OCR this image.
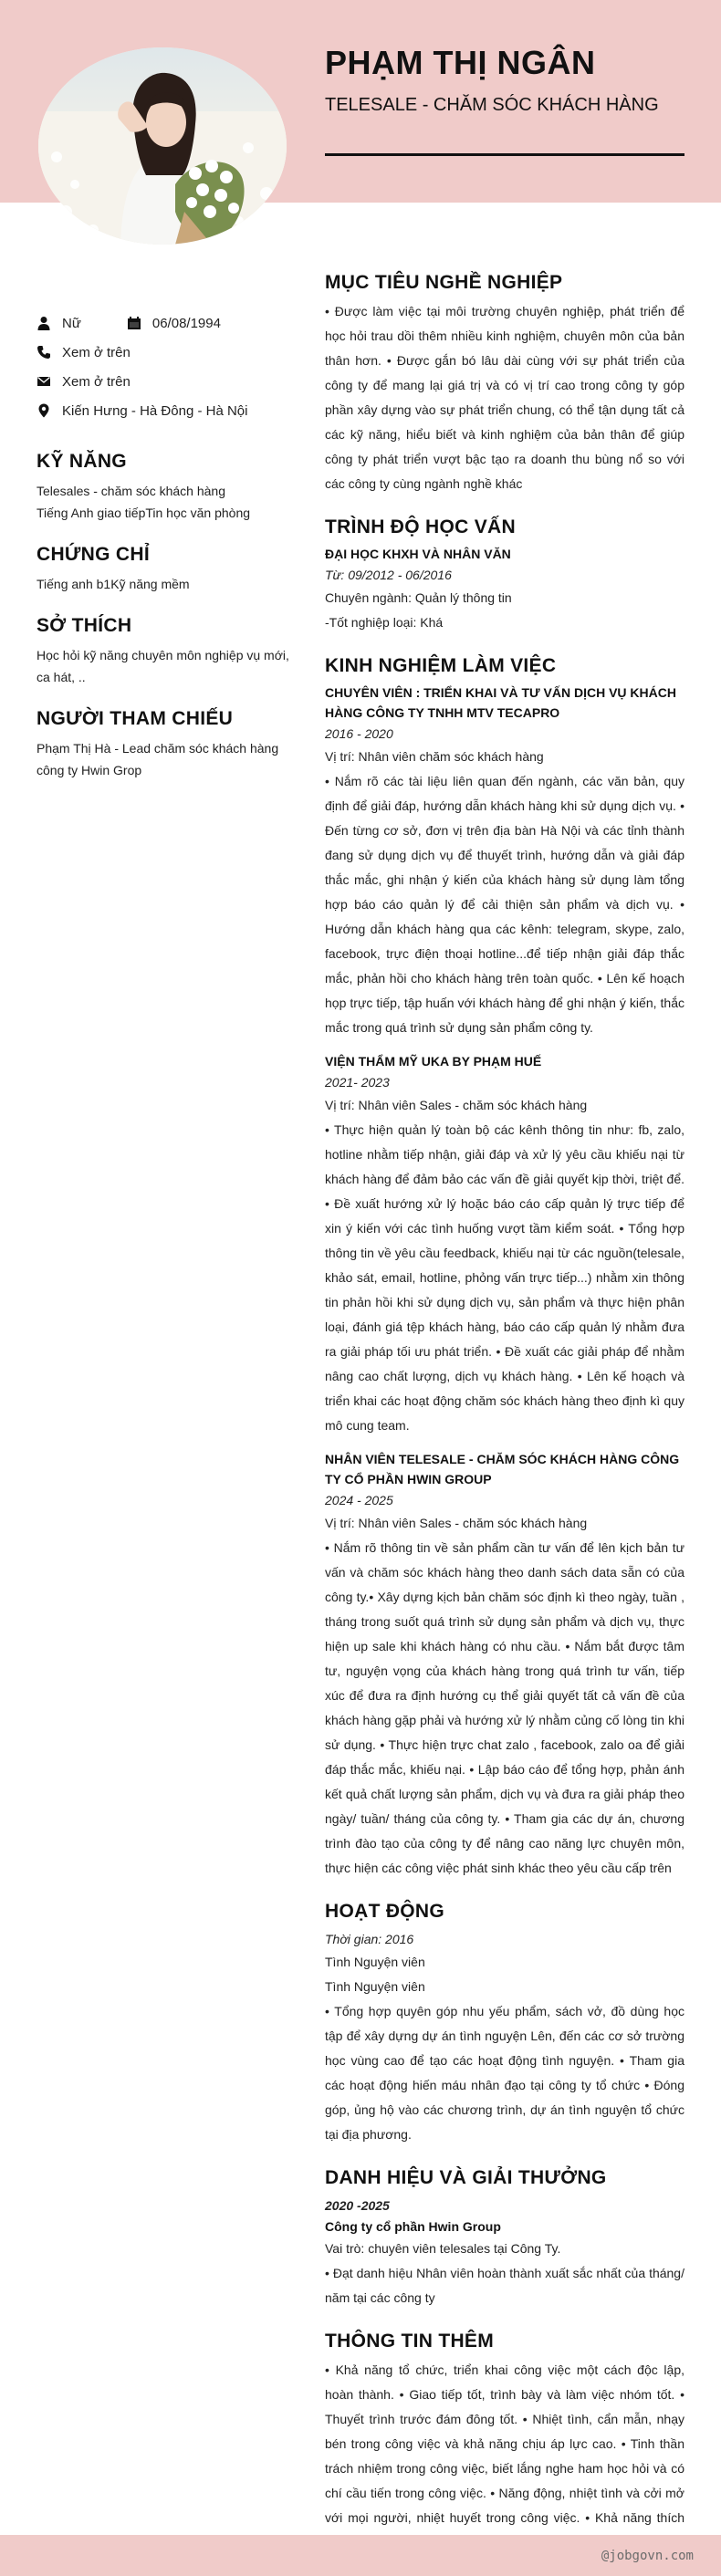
PHẠM THỊ NGÂN
TELESALE - CHĂM SÓC KHÁCH HÀNG
Nữ	06/08/1994
Xem ở trên
Xem ở trên
Kiến Hưng - Hà Đông - Hà Nội
KỸ NĂNG
Telesales - chăm sóc khách hàng
Tiếng Anh giao tiếpTin học văn phòng
CHỨNG CHỈ
Tiếng anh b1Kỹ năng mềm
SỞ THÍCH
Học hỏi kỹ năng chuyên môn nghiệp vụ mới, ca hát, ..
NGƯỜI THAM CHIẾU
Phạm Thị Hà - Lead chăm sóc khách hàng công ty Hwin Grop
MỤC TIÊU NGHỀ NGHIỆP
• Được làm việc tại môi trường chuyên nghiệp, phát triển để học hỏi trau dồi thêm nhiều kinh nghiệm, chuyên môn của bản thân hơn. • Được gắn bó lâu dài cùng với sự phát triển của công ty để mang lại giá trị và có vị trí cao trong công ty góp phần xây dựng vào sự phát triển chung, có thể tận dụng tất cả các kỹ năng, hiểu biết và kinh nghiệm của bản thân để giúp công ty phát triển vượt bậc tạo ra doanh thu bùng nổ so với các công ty cùng ngành nghề khác
TRÌNH ĐỘ HỌC VẤN
ĐẠI HỌC KHXH VÀ NHÂN VĂN
Từ: 09/2012 - 06/2016
Chuyên ngành: Quản lý thông tin
-Tốt nghiệp loại: Khá
KINH NGHIỆM LÀM VIỆC
CHUYÊN VIÊN : TRIỂN KHAI VÀ TƯ VẤN DỊCH VỤ KHÁCH HÀNG CÔNG TY TNHH MTV TECAPRO
2016 - 2020
Vị trí: Nhân viên chăm sóc khách hàng
• Nắm rõ các tài liệu liên quan đến ngành, các văn bản, quy định để giải đáp, hướng dẫn khách hàng khi sử dụng dịch vụ. • Đến từng cơ sở, đơn vị trên địa bàn Hà Nội và các tỉnh thành đang sử dụng dịch vụ để thuyết trình, hướng dẫn và giải đáp thắc mắc, ghi nhận ý kiến của khách hàng sử dụng làm tổng hợp báo cáo quản lý để cải thiện sản phẩm và dịch vụ. • Hướng dẫn khách hàng qua các kênh: telegram, skype, zalo, facebook, trực điện thoại hotline...để tiếp nhận giải đáp thắc mắc, phản hồi cho khách hàng trên toàn quốc. • Lên kế hoạch họp trực tiếp, tập huấn với khách hàng để ghi nhận ý kiến, thắc mắc trong quá trình sử dụng sản phẩm công ty.
VIỆN THẨM MỸ UKA BY PHẠM HUẾ
2021- 2023
Vị trí: Nhân viên Sales - chăm sóc khách hàng
• Thực hiện quản lý toàn bộ các kênh thông tin như: fb, zalo, hotline nhằm tiếp nhận, giải đáp và xử lý yêu cầu khiếu nại từ khách hàng để đảm bảo các vấn đề giải quyết kịp thời, triệt để. • Đề xuất hướng xử lý hoặc báo cáo cấp quản lý trực tiếp để xin ý kiến với các tình huống vượt tầm kiểm soát. • Tổng hợp thông tin về yêu cầu feedback, khiếu nại từ các nguồn(telesale, khảo sát, email, hotline, phỏng vấn trực tiếp...) nhằm xin thông tin phản hồi khi sử dụng dịch vụ, sản phẩm và thực hiện phân loại, đánh giá tệp khách hàng, báo cáo cấp quản lý nhằm đưa ra giải pháp tối ưu phát triển. • Đề xuất các giải pháp để nhằm nâng cao chất lượng, dịch vụ khách hàng. • Lên kế hoạch và triển khai các hoạt động chăm sóc khách hàng theo định kì quy mô cung team.
NHÂN VIÊN TELESALE - CHĂM SÓC KHÁCH HÀNG CÔNG TY CỔ PHẦN HWIN GROUP
2024 - 2025
Vị trí: Nhân viên Sales - chăm sóc khách hàng
• Nắm rõ thông tin về sản phẩm cần tư vấn để lên kịch bản tư vấn và chăm sóc khách hàng theo danh sách data sẵn có của công ty.• Xây dựng kịch bản chăm sóc định kì theo ngày, tuần , tháng trong suốt quá trình sử dụng sản phẩm và dịch vụ, thực hiện up sale khi khách hàng có nhu cầu. • Nắm bắt được tâm tư, nguyện vọng của khách hàng trong quá trình tư vấn, tiếp xúc để đưa ra định hướng cụ thể giải quyết tất cả vấn đề của khách hàng gặp phải và hướng xử lý nhằm củng cố lòng tin khi sử dụng. • Thực hiện trực chat zalo , facebook, zalo oa để giải đáp thắc mắc, khiếu nại. • Lập báo cáo để tổng hợp, phản ánh kết quả chất lượng sản phẩm, dịch vụ và đưa ra giải pháp theo ngày/ tuần/ tháng của công ty. • Tham gia các dự án, chương trình đào tạo của công ty để nâng cao năng lực chuyên môn, thực hiện các công việc phát sinh khác theo yêu cầu cấp trên
HOẠT ĐỘNG
Thời gian: 2016
Tình Nguyện viên
Tình Nguyện viên
• Tổng hợp quyên góp nhu yếu phẩm, sách vở, đồ dùng học tập để xây dựng dự án tình nguyện Lên, đến các cơ sở trường học vùng cao để tạo các hoạt động tình nguyện. • Tham gia các hoạt động hiến máu nhân đạo tại công ty tổ chức • Đóng góp, ủng hộ vào các chương trình, dự án tình nguyện tổ chức tại địa phương.
DANH HIỆU VÀ GIẢI THƯỞNG
2020 -2025
Công ty cổ phần Hwin Group
Vai trò: chuyên viên telesales tại Công Ty.
• Đạt danh hiệu Nhân viên hoàn thành xuất sắc nhất của tháng/ năm tại các công ty
THÔNG TIN THÊM
• Khả năng tổ chức, triển khai công việc một cách độc lập, hoàn thành. • Giao tiếp tốt, trình bày và làm việc nhóm tốt. • Thuyết trình trước đám đông tốt. • Nhiệt tình, cẩn mẫn, nhạy bén trong công việc và khả năng chịu áp lực cao. • Tinh thần trách nhiệm trong công việc, biết lắng nghe ham học hỏi và có chí cầu tiến trong công việc. • Năng động, nhiệt tình và cởi mở với mọi người, nhiệt huyết trong công việc. • Khả năng thích
@jobgovn.com
